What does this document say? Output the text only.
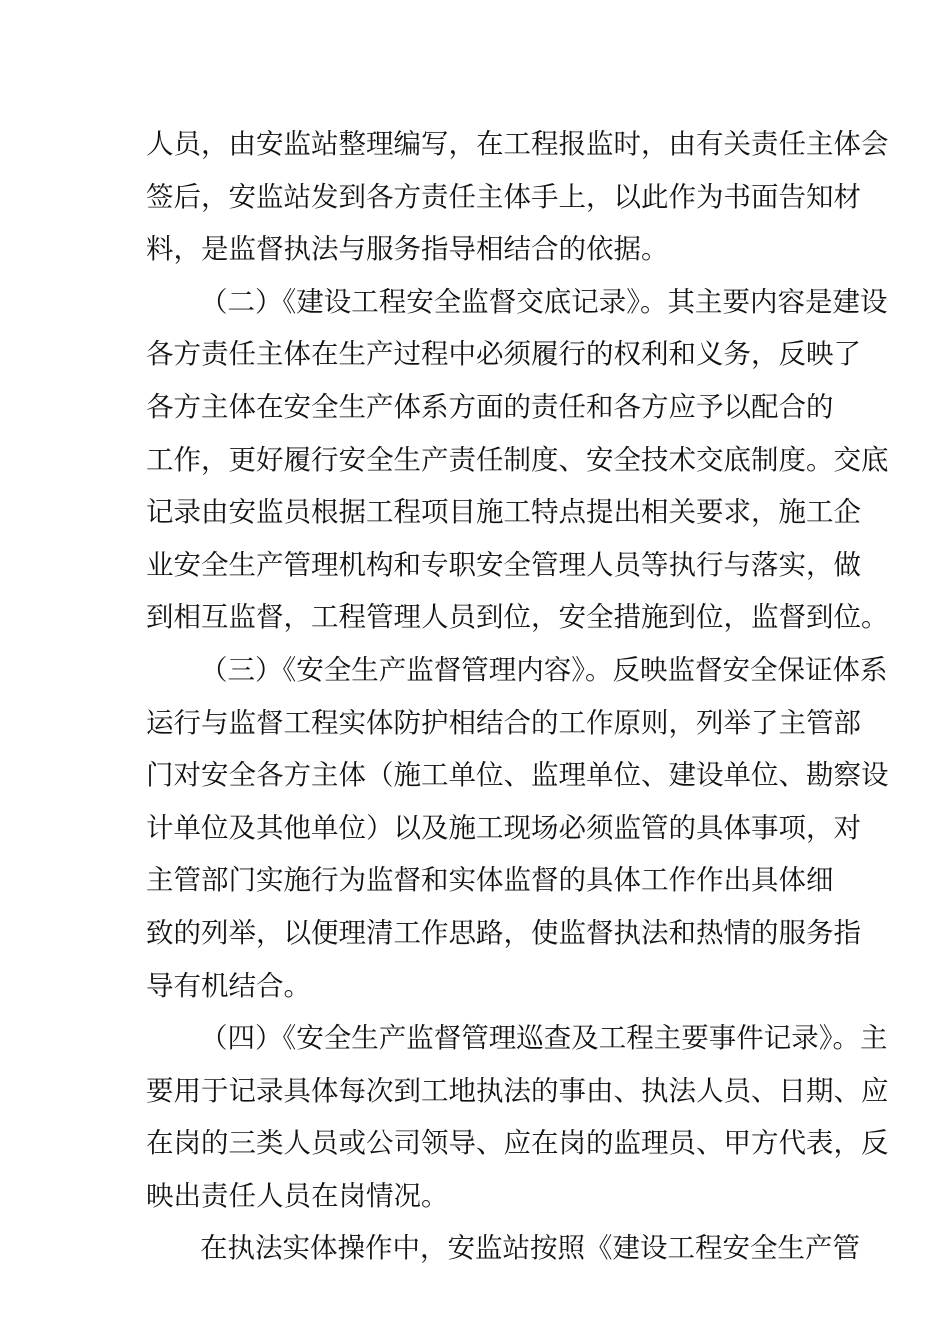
人员，由安监站整理编写，在工程报监时，由有关责任主体会
签后，安监站发到各方责任主体手上，以此作为书面告知材
料，是监督执法与服务指导相结合的依据。
（二）《建设工程安全监督交底记录》。其主要内容是建设
各方责任主体在生产过程中必须履行的权利和义务，反映了
各方主体在安全生产体系方面的责任和各方应予以配合的
工作，更好履行安全生产责任制度、安全技术交底制度。交底
记录由安监员根据工程项目施工特点提出相关要求，施工企
业安全生产管理机构和专职安全管理人员等执行与落实，做
到相互监督，工程管理人员到位，安全措施到位，监督到位。
（三）《安全生产监督管理内容》。反映监督安全保证体系
运行与监督工程实体防护相结合的工作原则，列举了主管部
门对安全各方主体（施工单位、监理单位、建设单位、勘察设
计单位及其他单位）以及施工现场必须监管的具体事项，对
主管部门实施行为监督和实体监督的具体工作作出具体细
致的列举，以便理清工作思路，使监督执法和热情的服务指
导有机结合。
（四）《安全生产监督管理巡查及工程主要事件记录》。主
要用于记录具体每次到工地执法的事由、执法人员、日期、应
在岗的三类人员或公司领导、应在岗的监理员、甲方代表，反
映出责任人员在岗情况。
在执法实体操作中，安监站按照《建设工程安全生产管
